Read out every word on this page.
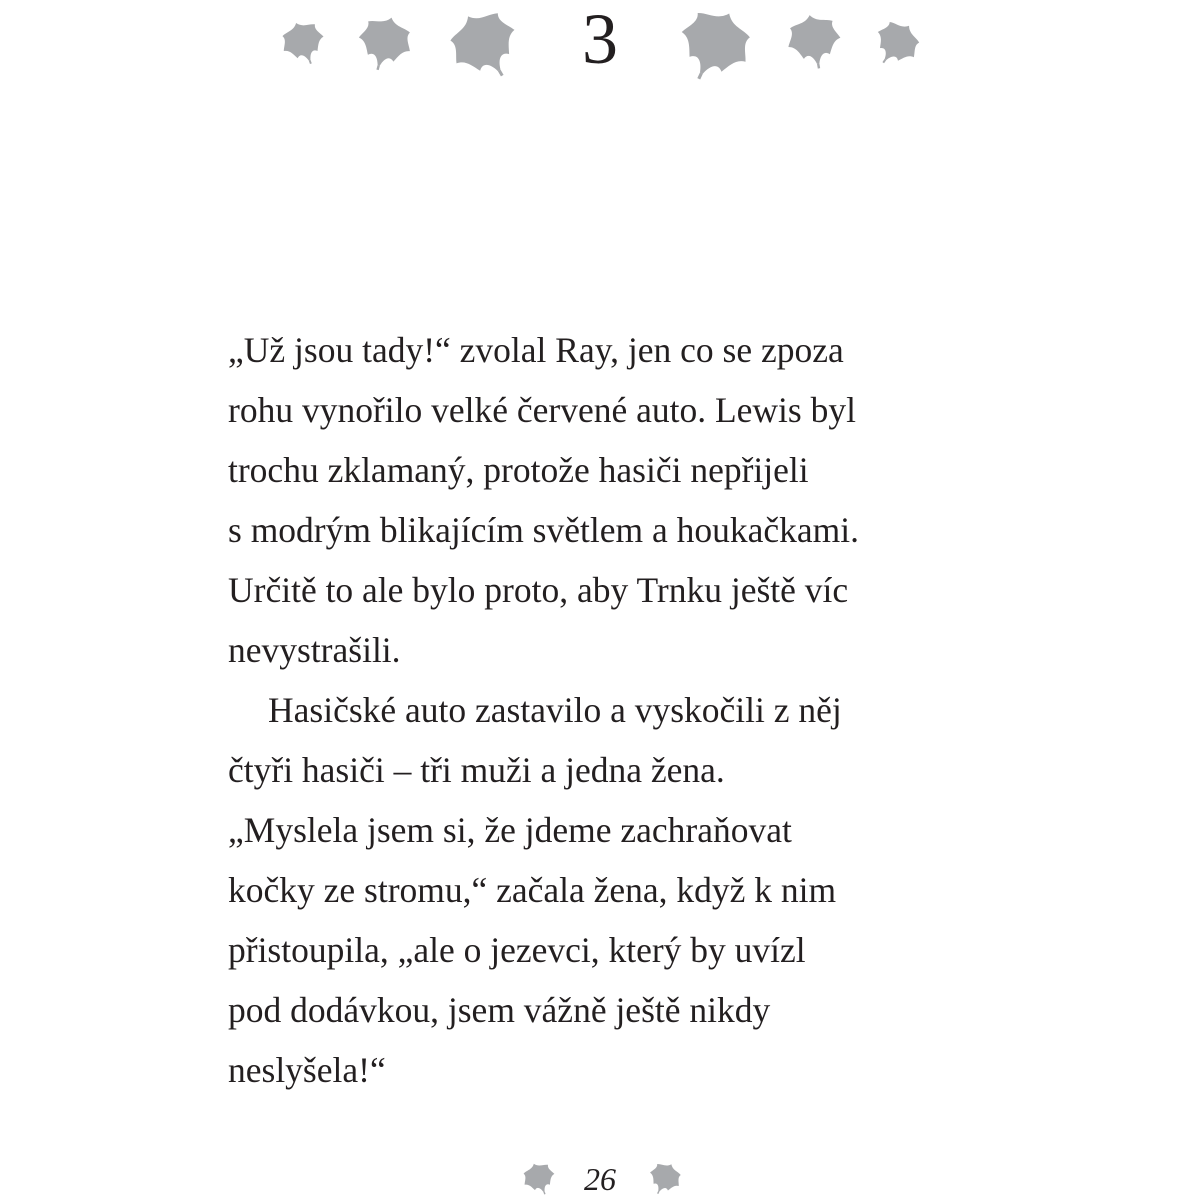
3
„Už jsou tady!“ zvolal Ray, jen co se zpoza
rohu vynořilo velké červené auto. Lewis byl
trochu zklamaný, protože hasiči nepřijeli
s modrým blikajícím světlem a houkačkami.
Určitě to ale bylo proto, aby Trnku ještě víc
nevystrašili.
Hasičské auto zastavilo a vyskočili z něj
čtyři hasiči – tři muži a jedna žena.
„Myslela jsem si, že jdeme zachraňovat
kočky ze stromu,“ začala žena, když k nim
přistoupila, „ale o jezevci, který by uvízl
pod dodávkou, jsem vážně ještě nikdy
neslyšela!“
26
